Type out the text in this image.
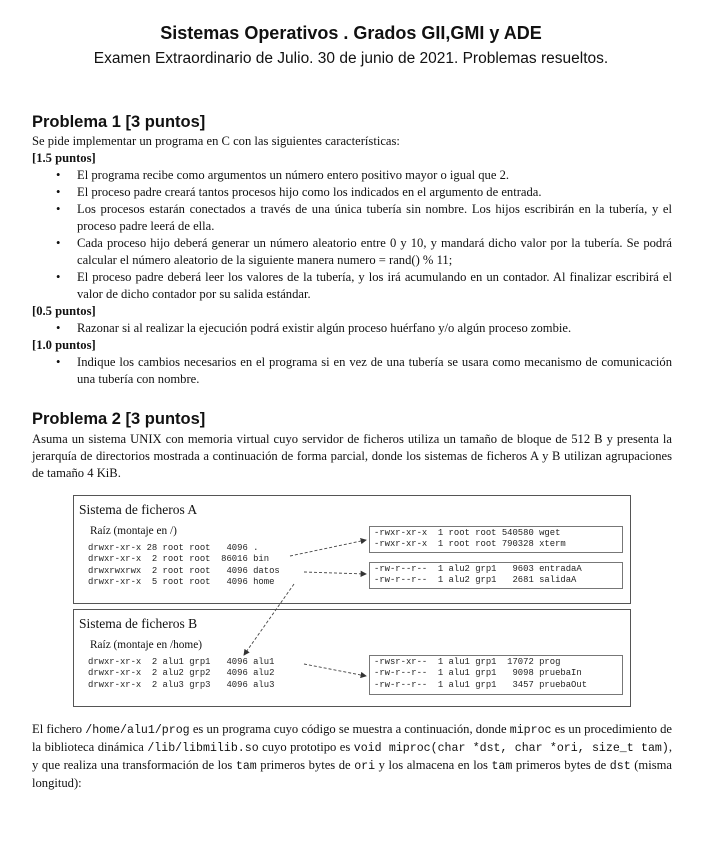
Sistemas Operativos . Grados GII,GMI y ADE
Examen Extraordinario de Julio. 30 de junio de 2021. Problemas resueltos.
Problema 1 [3 puntos]
Se pide implementar un programa en C con las siguientes características:
[1.5 puntos]
• El programa recibe como argumentos un número entero positivo mayor o igual que 2.
• El proceso padre creará tantos procesos hijo como los indicados en el argumento de entrada.
• Los procesos estarán conectados a través de una única tubería sin nombre. Los hijos escribirán en la tubería, y el proceso padre leerá de ella.
• Cada proceso hijo deberá generar un número aleatorio entre 0 y 10, y mandará dicho valor por la tubería. Se podrá calcular el número aleatorio de la siguiente manera numero = rand() % 11;
• El proceso padre deberá leer los valores de la tubería, y los irá acumulando en un contador. Al finalizar escribirá el valor de dicho contador por su salida estándar.
[0.5 puntos]
• Razonar si al realizar la ejecución podrá existir algún proceso huérfano y/o algún proceso zombie.
[1.0 puntos]
• Indique los cambios necesarios en el programa si en vez de una tubería se usara como mecanismo de comunicación una tubería con nombre.
Problema 2 [3 puntos]
Asuma un sistema UNIX con memoria virtual cuyo servidor de ficheros utiliza un tamaño de bloque de 512 B y presenta la jerarquía de directorios mostrada a continuación de forma parcial, donde los sistemas de ficheros A y B utilizan agrupaciones de tamaño 4 KiB.
Sistema de ficheros A
Raíz (montaje en /)
drwxr-xr-x 28 root root   4096 .
drwxr-xr-x  2 root root  86016 bin
drwxrwxrwx  2 root root   4096 datos
drwxr-xr-x  5 root root   4096 home
-rwxr-xr-x  1 root root 540580 wget
-rwxr-xr-x  1 root root 790328 xterm
-rw-r--r--  1 alu2 grp1   9603 entradaA
-rw-r--r--  1 alu2 grp1   2681 salidaA
Sistema de ficheros B
Raíz (montaje en /home)
drwxr-xr-x  2 alu1 grp1   4096 alu1
drwxr-xr-x  2 alu2 grp2   4096 alu2
drwxr-xr-x  2 alu3 grp3   4096 alu3
-rwsr-xr--  1 alu1 grp1  17072 prog
-rw-r--r--  1 alu1 grp1   9098 pruebaIn
-rw-r--r--  1 alu1 grp1   3457 pruebaOut
El fichero /home/alu1/prog es un programa cuyo código se muestra a continuación, donde miproc es un procedimiento de la biblioteca dinámica /lib/libmilib.so cuyo prototipo es void miproc(char *dst, char *ori, size_t tam), y que realiza una transformación de los tam primeros bytes de ori y los almacena en los tam primeros bytes de dst (misma longitud):
